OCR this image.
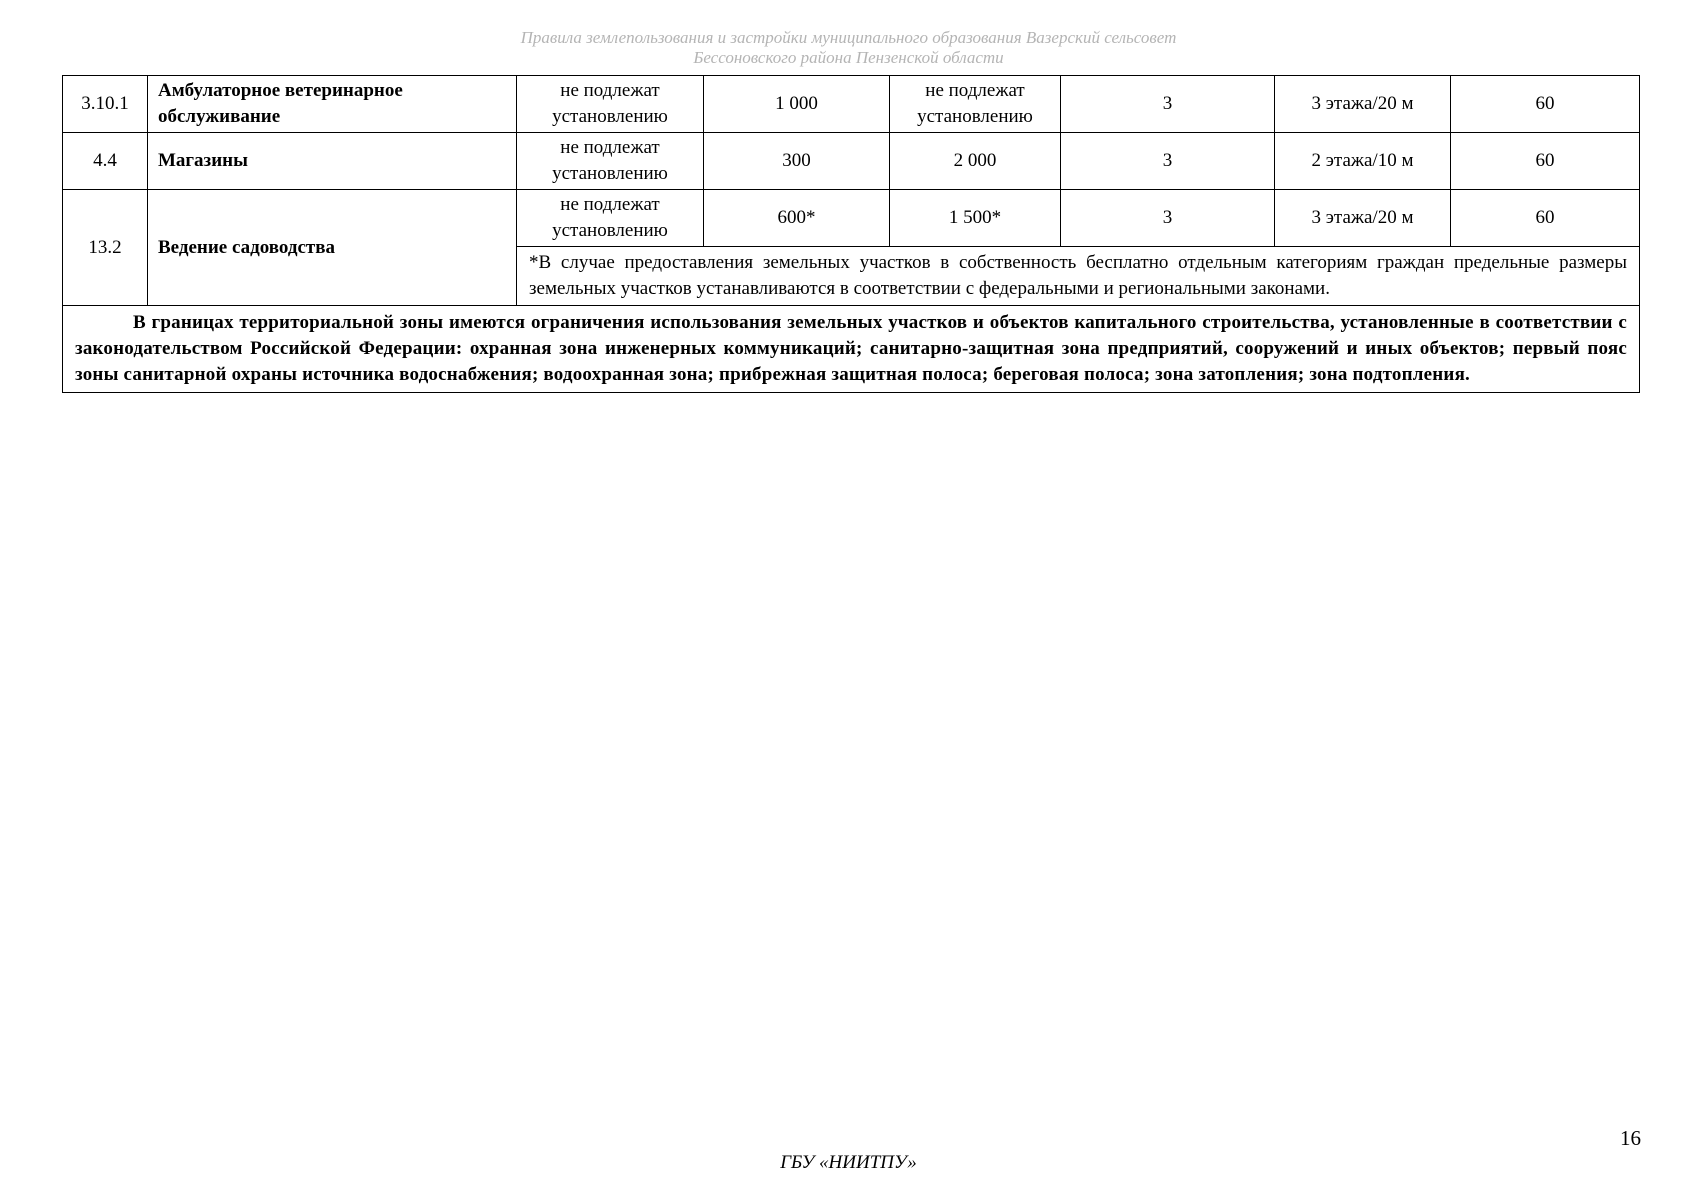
Правила землепользования и застройки муниципального образования Вазерский сельсовет
Бессоновского района Пензенской области
3.10.1	Амбулаторное ветеринарное обслуживание	не подлежат установлению	1 000	не подлежат установлению	3	3 этажа/20 м	60
4.4	Магазины	не подлежат установлению	300	2 000	3	2 этажа/10 м	60
13.2	Ведение садоводства	не подлежат установлению	600*	1 500*	3	3 этажа/20 м	60
		*В случае предоставления земельных участков в собственность бесплатно отдельным категориям граждан предельные размеры земельных участков устанавливаются в соответствии с федеральными и региональными законами.					
В границах территориальной зоны имеются ограничения использования земельных участков и объектов капитального строительства, установленные в соответствии с законодательством Российской Федерации: охранная зона инженерных коммуникаций; санитарно-защитная зона предприятий, сооружений и иных объектов; первый пояс зоны санитарной охраны источника водоснабжения; водоохранная зона; прибрежная защитная полоса; береговая полоса; зона затопления; зона подтопления.							
16
ГБУ «НИИТПУ»
